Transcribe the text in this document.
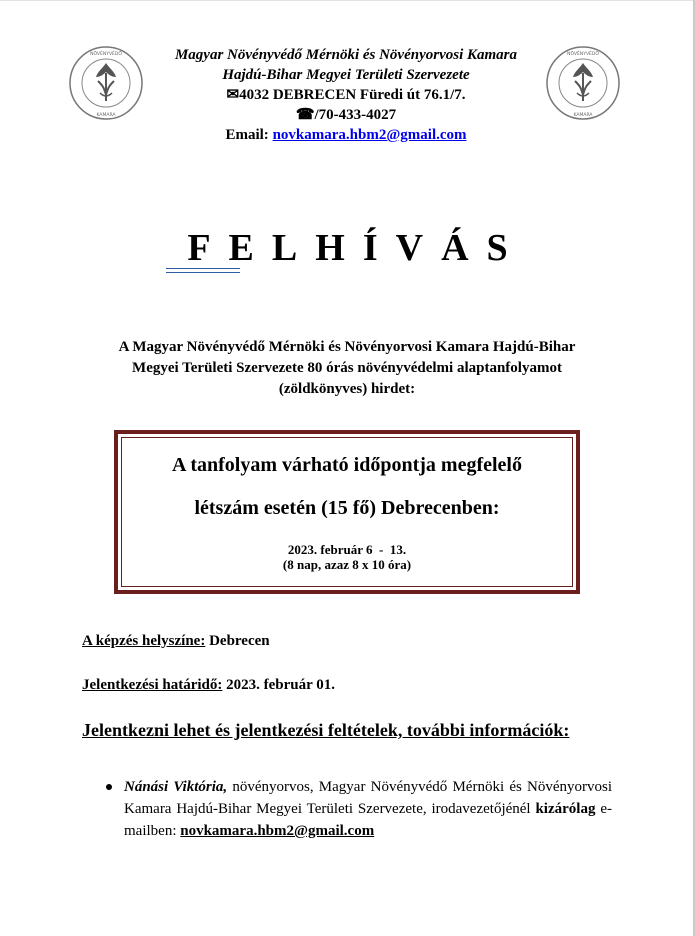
NÖVÉNYVÉDŐ
KAMARA
NÖVÉNYVÉDŐ
KAMARA
Magyar Növényvédő Mérnöki és Növényorvosi Kamara
Hajdú-Bihar Megyei Területi Szervezete
✉4032 DEBRECEN Füredi út 76.1/7.
☎/70-433-4027
Email: novkamara.hbm2@gmail.com
F E L H Í V Á S
A Magyar Növényvédő Mérnöki és Növényorvosi Kamara Hajdú-Bihar
Megyei Területi Szervezete 80 órás növényvédelmi alaptanfolyamot
(zöldkönyves) hirdet:
A tanfolyam várható időpontja megfelelő
létszám esetén (15 fő) Debrecenben:
2023. február 6  -  13.
(8 nap, azaz 8 x 10 óra)
A képzés helyszíne: Debrecen
Jelentkezési határidő: 2023. február 01.
Jelentkezni lehet és jelentkezési feltételek, további információk:
Nánási Viktória, növényorvos, Magyar Növényvédő Mérnöki és Növényorvosi Kamara Hajdú-Bihar Megyei Területi Szervezete, irodavezetőjénél kizárólag e-mailben: novkamara.hbm2@gmail.com
